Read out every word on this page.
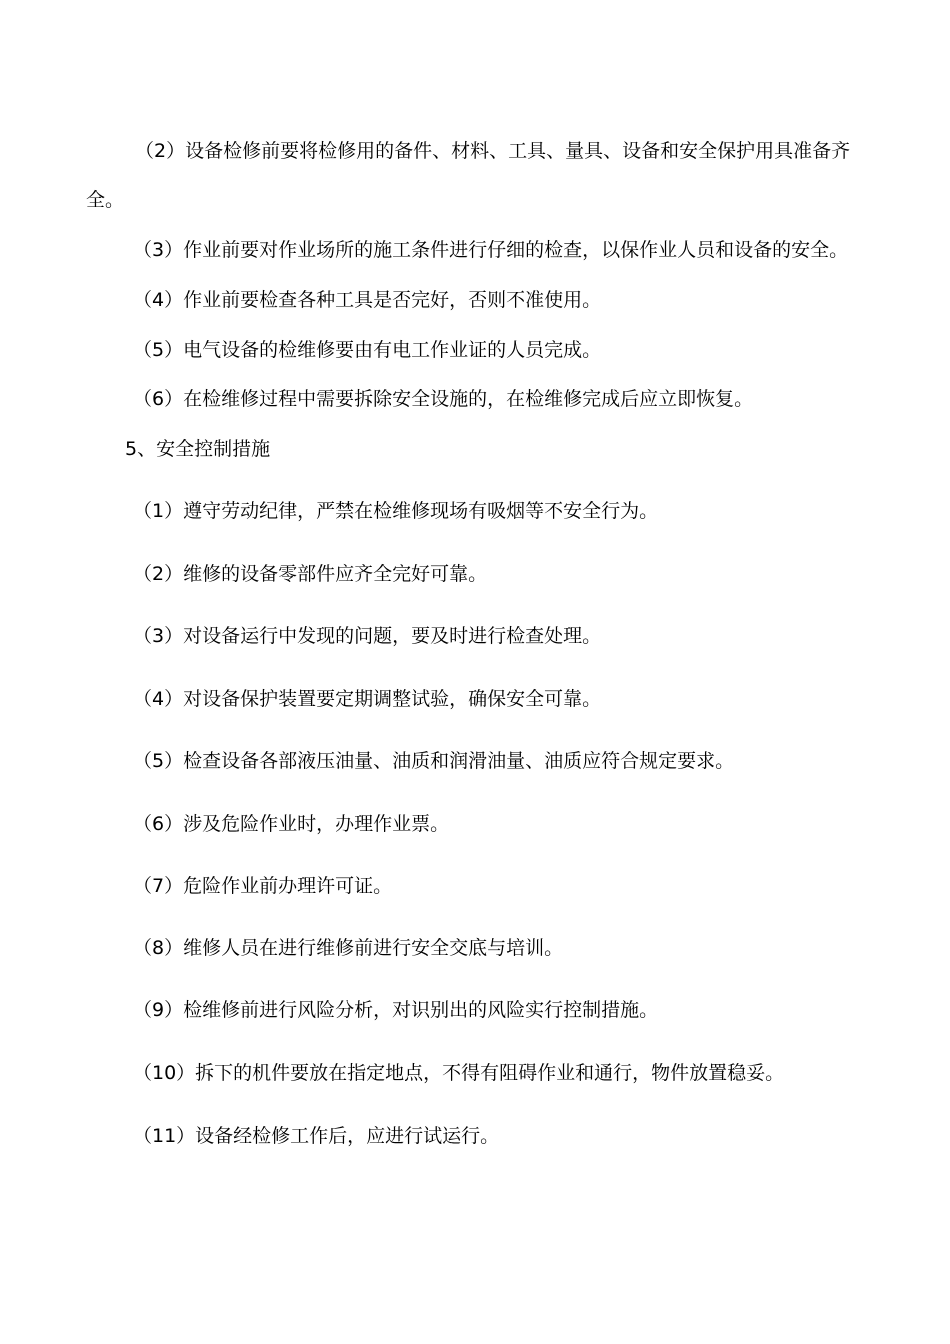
（2）设备检修前要将检修用的备件、材料、工具、量具、设备和安全保护用具准备齐

全。

（3）作业前要对作业场所的施工条件进行仔细的检查，以保作业人员和设备的安全。

（4）作业前要检查各种工具是否完好，否则不准使用。

（5）电气设备的检维修要由有电工作业证的人员完成。

（6）在检维修过程中需要拆除安全设施的，在检维修完成后应立即恢复。

5、安全控制措施

（1）遵守劳动纪律，严禁在检维修现场有吸烟等不安全行为。

（2）维修的设备零部件应齐全完好可靠。

（3）对设备运行中发现的问题，要及时进行检查处理。

（4）对设备保护装置要定期调整试验，确保安全可靠。

（5）检查设备各部液压油量、油质和润滑油量、油质应符合规定要求。

（6）涉及危险作业时，办理作业票。

（7）危险作业前办理许可证。

（8）维修人员在进行维修前进行安全交底与培训。

（9）检维修前进行风险分析，对识别出的风险实行控制措施。

（10）拆下的机件要放在指定地点，不得有阻碍作业和通行，物件放置稳妥。

（11）设备经检修工作后，应进行试运行。
